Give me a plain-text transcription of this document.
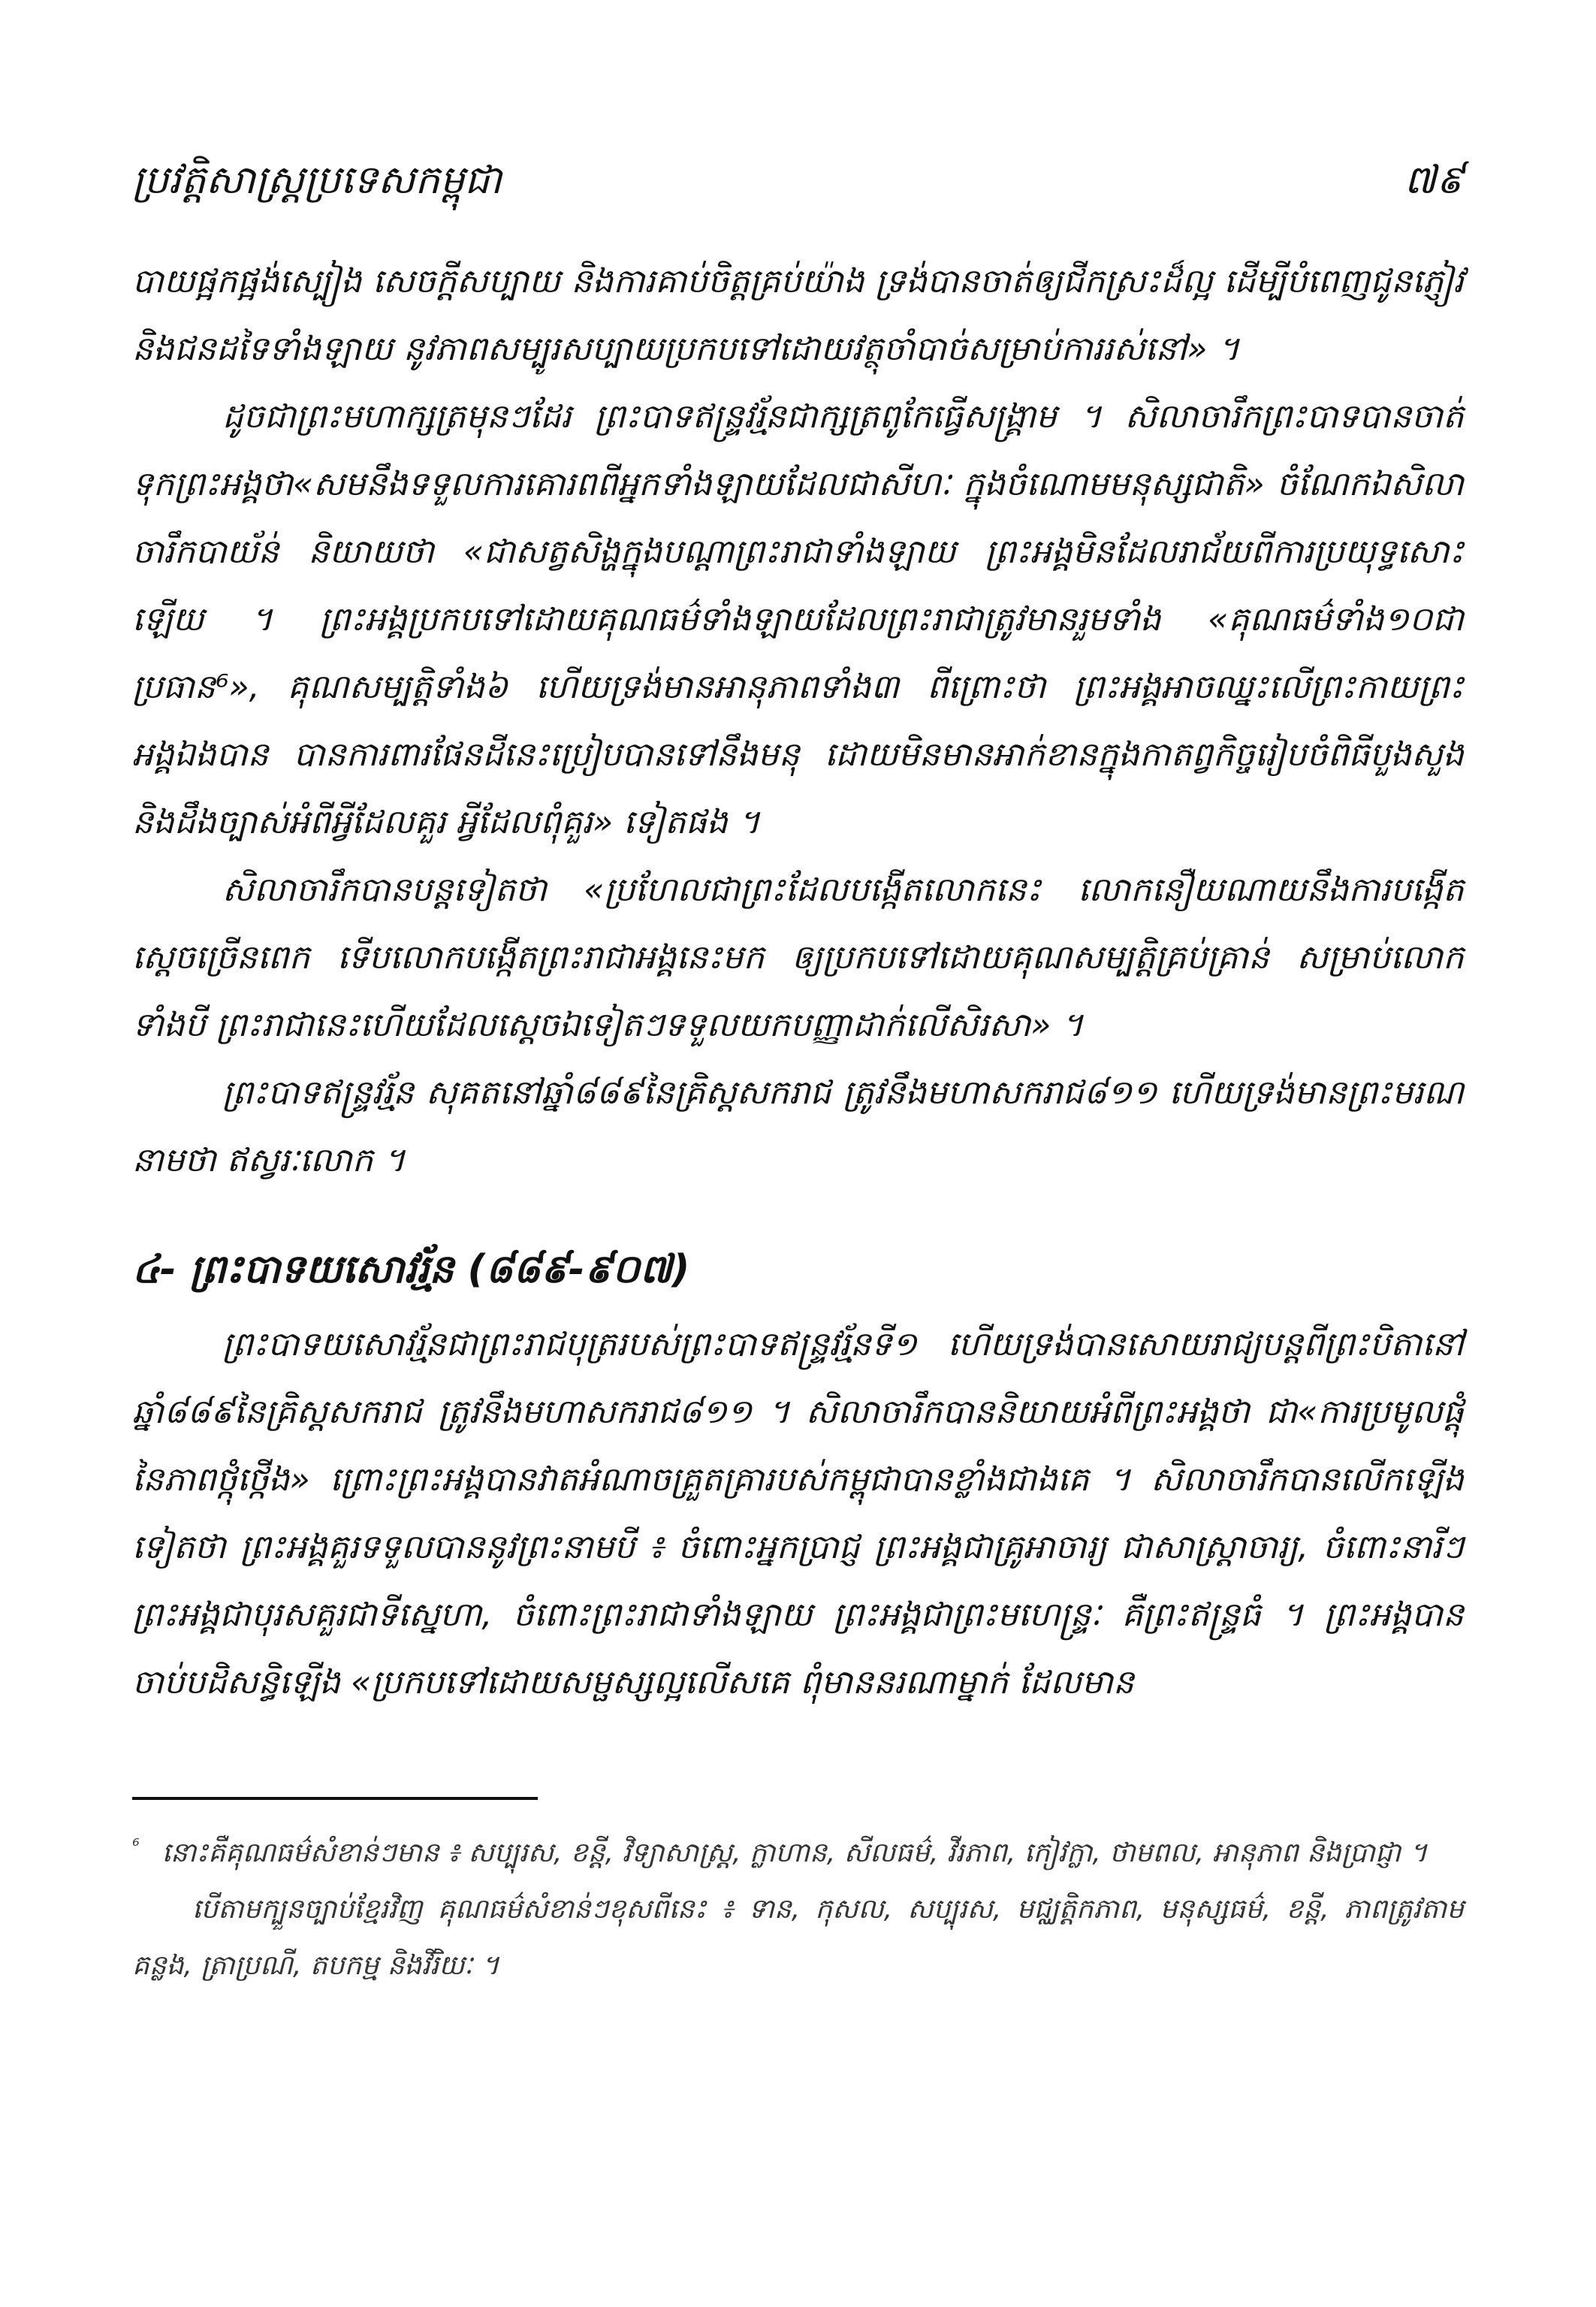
ប្រវត្តិសាស្ត្រប្រទេសកម្ពុជា	៧៩

បាយផ្អកផ្អង់ស្បៀង សេចក្តីសប្បាយ និងការគាប់ចិត្តគ្រប់យ៉ាង ទ្រង់បានចាត់ឲ្យជីកស្រះដ៏ល្អ ដើម្បីបំពេញជូនភ្ញៀវ និងជនដទៃទាំងឡាយ នូវភាពសម្បូរសប្បាយប្រកបទៅដោយវត្ថុចាំបាច់សម្រាប់ការរស់នៅ» ។

ដូចជាព្រះមហាក្សត្រមុនៗដែរ ព្រះបាទឥន្ទ្រវរ្ម័នជាក្សត្រពូកែធ្វើសង្គ្រាម ។ សិលាចារឹកព្រះបាទបានចាត់ទុកព្រះអង្គថា«សមនឹងទទួលការគោរពពីអ្នកទាំងឡាយដែលជាសីហៈ ក្នុងចំណោមមនុស្សជាតិ» ចំណែកឯសិលាចារឹកបាយ័ន់ និយាយថា «ជាសត្វសិង្ហក្នុងបណ្តាព្រះរាជាទាំងឡាយ ព្រះអង្គមិនដែលរាជ័យពីការប្រយុទ្ធសោះឡើយ ។ ព្រះអង្គប្រកបទៅដោយគុណធម៌ទាំងឡាយដែលព្រះរាជាត្រូវមានរួមទាំង «គុណធម៌ទាំង១០ជាប្រធាន⁶», គុណសម្បត្តិទាំង៦ ហើយទ្រង់មានអានុភាពទាំង៣ ពីព្រោះថា ព្រះអង្គអាចឈ្នះលើព្រះកាយព្រះអង្គឯងបាន បានការពារផែនដីនេះប្រៀបបានទៅនឹងមនុ ដោយមិនមានអាក់ខានក្នុងកាតព្វកិច្ចរៀបចំពិធីបួងសួង និងដឹងច្បាស់អំពីអ្វីដែលគួរ អ្វីដែលពុំគួរ» ទៀតផង ។

សិលាចារឹកបានបន្តទៀតថា «ប្រហែលជាព្រះដែលបង្កើតលោកនេះ លោកនឿយណាយនឹងការបង្កើតស្តេចច្រើនពេក ទើបលោកបង្កើតព្រះរាជាអង្គនេះមក ឲ្យប្រកបទៅដោយគុណសម្បត្តិគ្រប់គ្រាន់ សម្រាប់លោកទាំងបី ព្រះរាជានេះហើយដែលស្តេចឯទៀតៗទទួលយកបញ្ញាដាក់លើសិរសា» ។

ព្រះបាទឥន្ទ្រវរ្ម័ន សុគតនៅឆ្នាំ៨៨៩នៃគ្រិស្តសករាជ ត្រូវនឹងមហាសករាជ៨១១ ហើយទ្រង់មានព្រះមរណនាមថា ឥស្វរៈលោក ។

៤- ព្រះបាទយសោវរ្ម័ន (៨៨៩-៩០៧)

ព្រះបាទយសោវរ្ម័នជាព្រះរាជបុត្ររបស់ព្រះបាទឥន្ទ្រវរ្ម័នទី១ ហើយទ្រង់បានសោយរាជ្យបន្តពីព្រះបិតានៅឆ្នាំ៨៨៩នៃគ្រិស្តសករាជ ត្រូវនឹងមហាសករាជ៨១១ ។ សិលាចារឹកបាននិយាយអំពីព្រះអង្គថា ជា«ការប្រមូលផ្តុំនៃភាពថ្កុំថ្កើង» ព្រោះព្រះអង្គបានវាតអំណាចគ្រួតគ្រារបស់កម្ពុជាបានខ្លាំងជាងគេ ។ សិលាចារឹកបានលើកឡើងទៀតថា ព្រះអង្គគួរទទួលបាននូវព្រះនាមបី ៖ ចំពោះអ្នកប្រាជ្ញ ព្រះអង្គជាគ្រូអាចារ្យ ជាសាស្ត្រាចារ្យ, ចំពោះនារីៗ ព្រះអង្គជាបុរសគួរជាទីស្នេហា, ចំពោះព្រះរាជាទាំងឡាយ ព្រះអង្គជាព្រះមហេន្ទ្រៈ គឺព្រះឥន្ទ្រធំ ។ ព្រះអង្គបានចាប់បដិសន្ធិឡើង «ប្រកបទៅដោយសម្ផស្សល្អលើសគេ ពុំមាននរណាម្នាក់ ដែលមាន

$^{^6}$ នោះគឺគុណធម៌សំខាន់ៗមាន ៖ សប្បុរស, ខន្តី, វិទ្យាសាស្ត្រ, ក្លាហាន, សីលធម៌, វីរភាព, កៀវក្លា, ថាមពល, អានុភាព និងប្រាជ្ញា ។

បើតាមក្បួនច្បាប់ខ្មែរវិញ គុណធម៌សំខាន់ៗខុសពីនេះ ៖ ទាន, កុសល, សប្បុរស, មជ្ឈត្តិកភាព, មនុស្សធម៌, ខន្តី, ភាពត្រូវតាមគន្លង, ត្រាប្រណី, តបកម្ម និងវីរិយៈ ។
